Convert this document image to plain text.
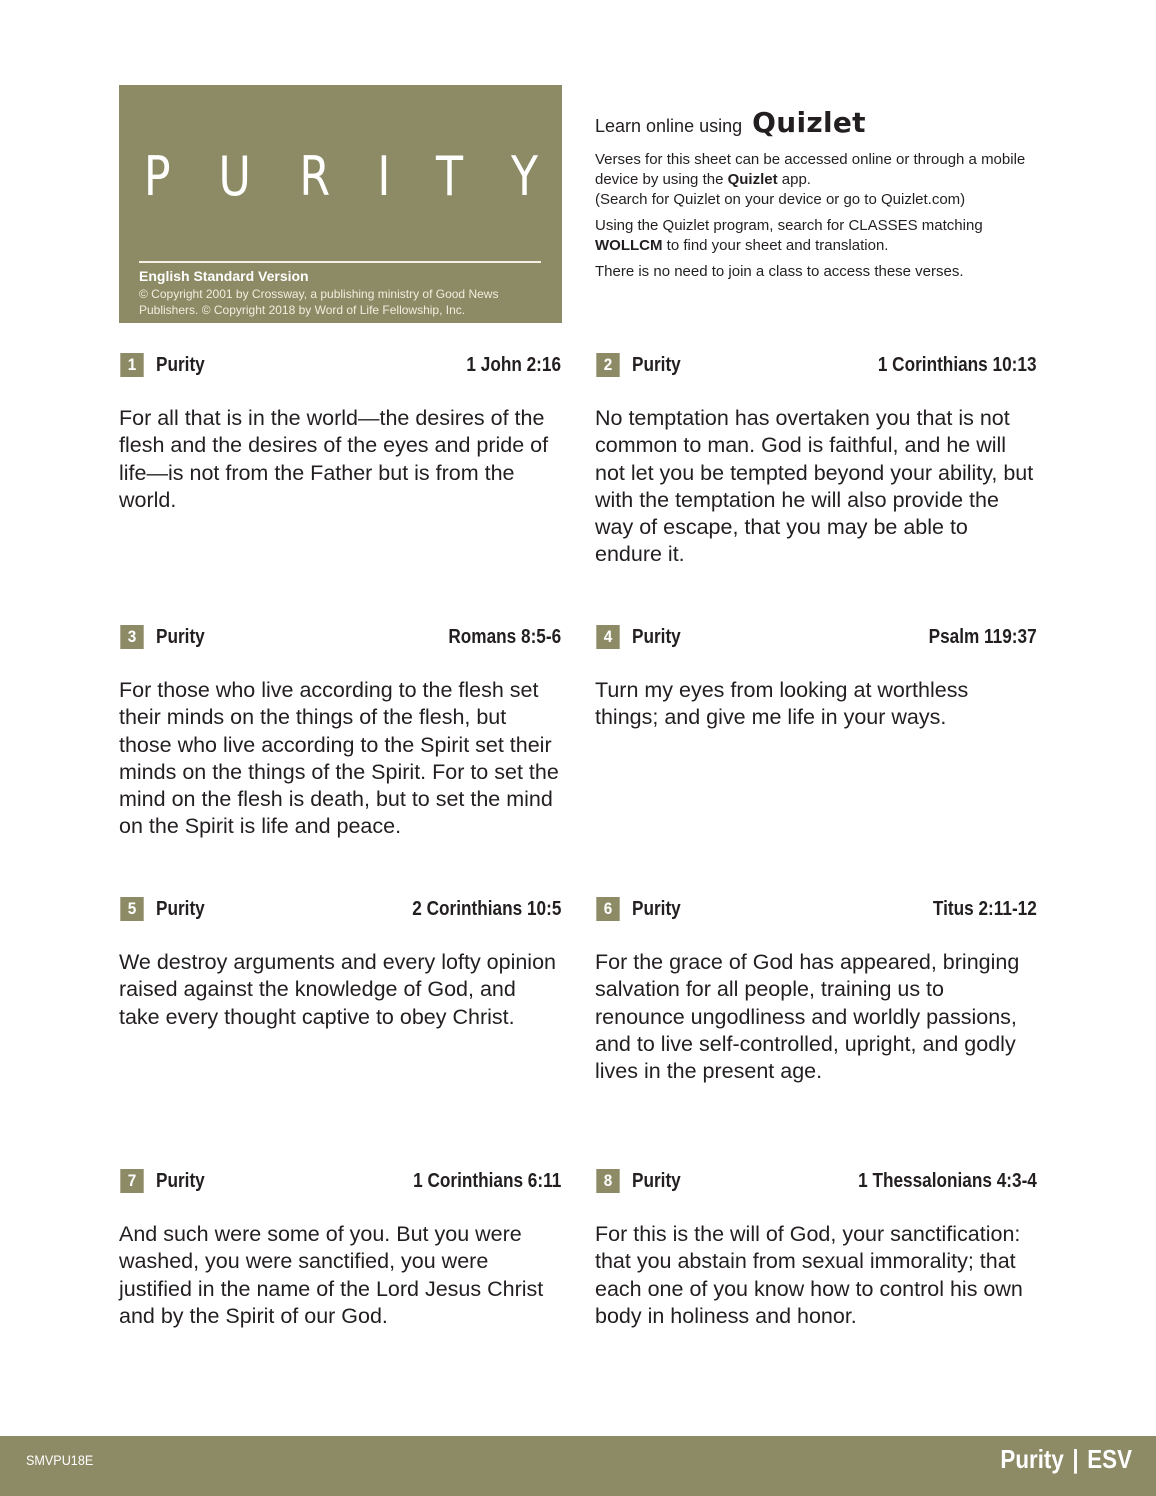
P U R I T Y
English Standard Version
© Copyright 2001 by Crossway, a publishing ministry of Good News Publishers. © Copyright 2018 by Word of Life Fellowship, Inc.
Learn online using Quizlet

Verses for this sheet can be accessed online or through a mobile device by using the Quizlet app.
(Search for Quizlet on your device or go to Quizlet.com)

Using the Quizlet program, search for CLASSES matching WOLLCM to find your sheet and translation.

There is no need to join a class to access these verses.

1 Purity	1 John 2:16
For all that is in the world—the desires of the flesh and the desires of the eyes and pride of life—is not from the Father but is from the world.
2 Purity	1 Corinthians 10:13
No temptation has overtaken you that is not common to man. God is faithful, and he will not let you be tempted beyond your ability, but with the temptation he will also provide the way of escape, that you may be able to endure it.
3 Purity	Romans 8:5-6
For those who live according to the flesh set their minds on the things of the flesh, but those who live according to the Spirit set their minds on the things of the Spirit. For to set the mind on the flesh is death, but to set the mind on the Spirit is life and peace.
4 Purity	Psalm 119:37
Turn my eyes from looking at worthless things; and give me life in your ways.
5 Purity	2 Corinthians 10:5
We destroy arguments and every lofty opinion raised against the knowledge of God, and take every thought captive to obey Christ.
6 Purity	Titus 2:11-12
For the grace of God has appeared, bringing salvation for all people, training us to renounce ungodliness and worldly passions, and to live self-controlled, upright, and godly lives in the present age.
7 Purity	1 Corinthians 6:11
And such were some of you. But you were washed, you were sanctified, you were justified in the name of the Lord Jesus Christ and by the Spirit of our God.
8 Purity	1 Thessalonians 4:3-4
For this is the will of God, your sanctification: that you abstain from sexual immorality; that each one of you know how to control his own body in holiness and honor.
SMVPU18E	Purity | ESV
